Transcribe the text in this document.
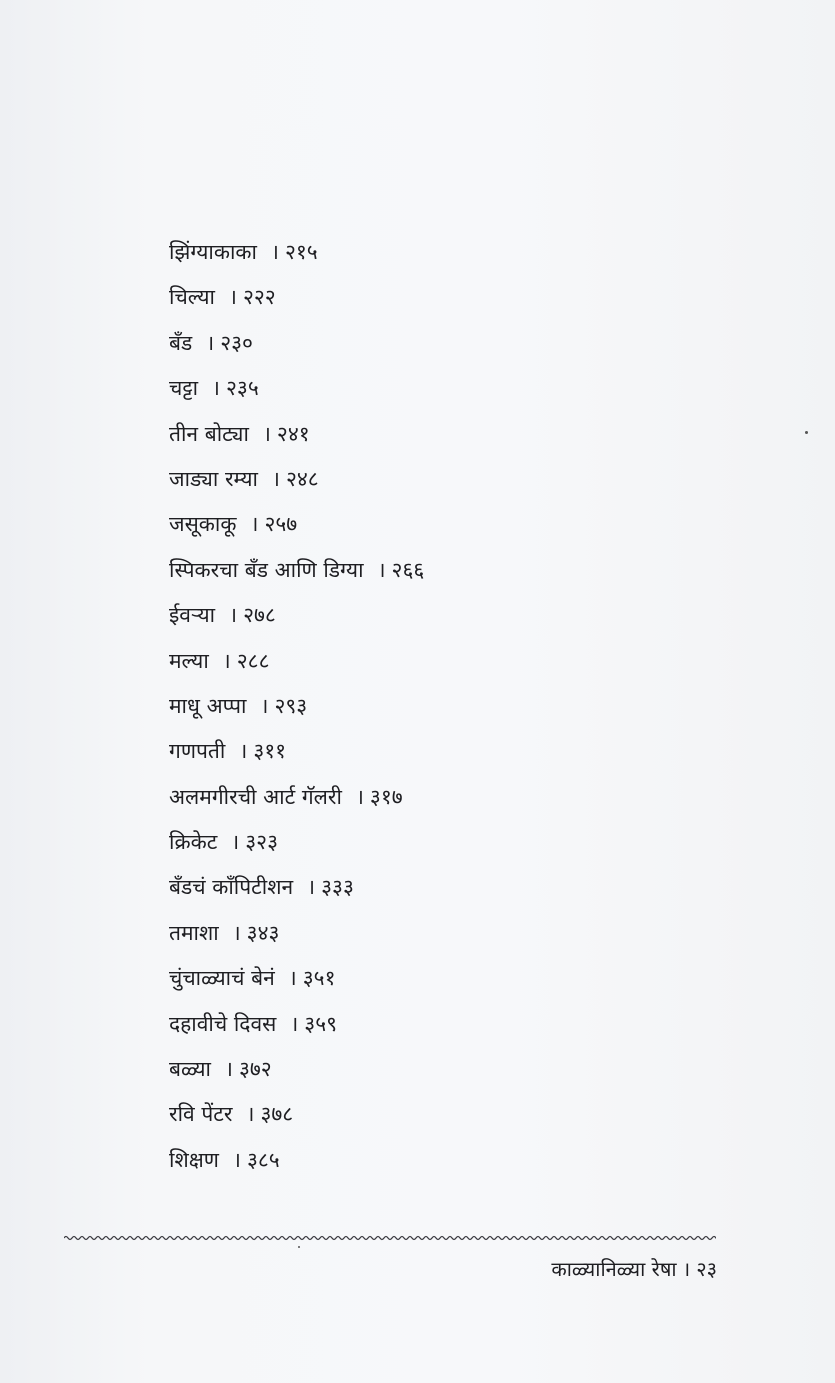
झिंग्याकाका । २१५
चिल्या । २२२
बँड । २३०
चट्टा । २३५
तीन बोट्या । २४१
जाड्या रम्या । २४८
जसूकाकू । २५७
स्पिकरचा बँड आणि डिग्या । २६६
ईवऱ्या । २७८
मल्या । २८८
माधू अप्पा । २९३
गणपती । ३११
अलमगीरची आर्ट गॅलरी । ३१७
क्रिकेट । ३२३
बँडचं कॉंपिटीशन । ३३३
तमाशा । ३४३
चुंचाळ्याचं बेनं । ३५१
दहावीचे दिवस । ३५९
बळ्या । ३७२
रवि पेंटर । ३७८
शिक्षण । ३८५
काळ्यानिळ्या रेषा । २३
